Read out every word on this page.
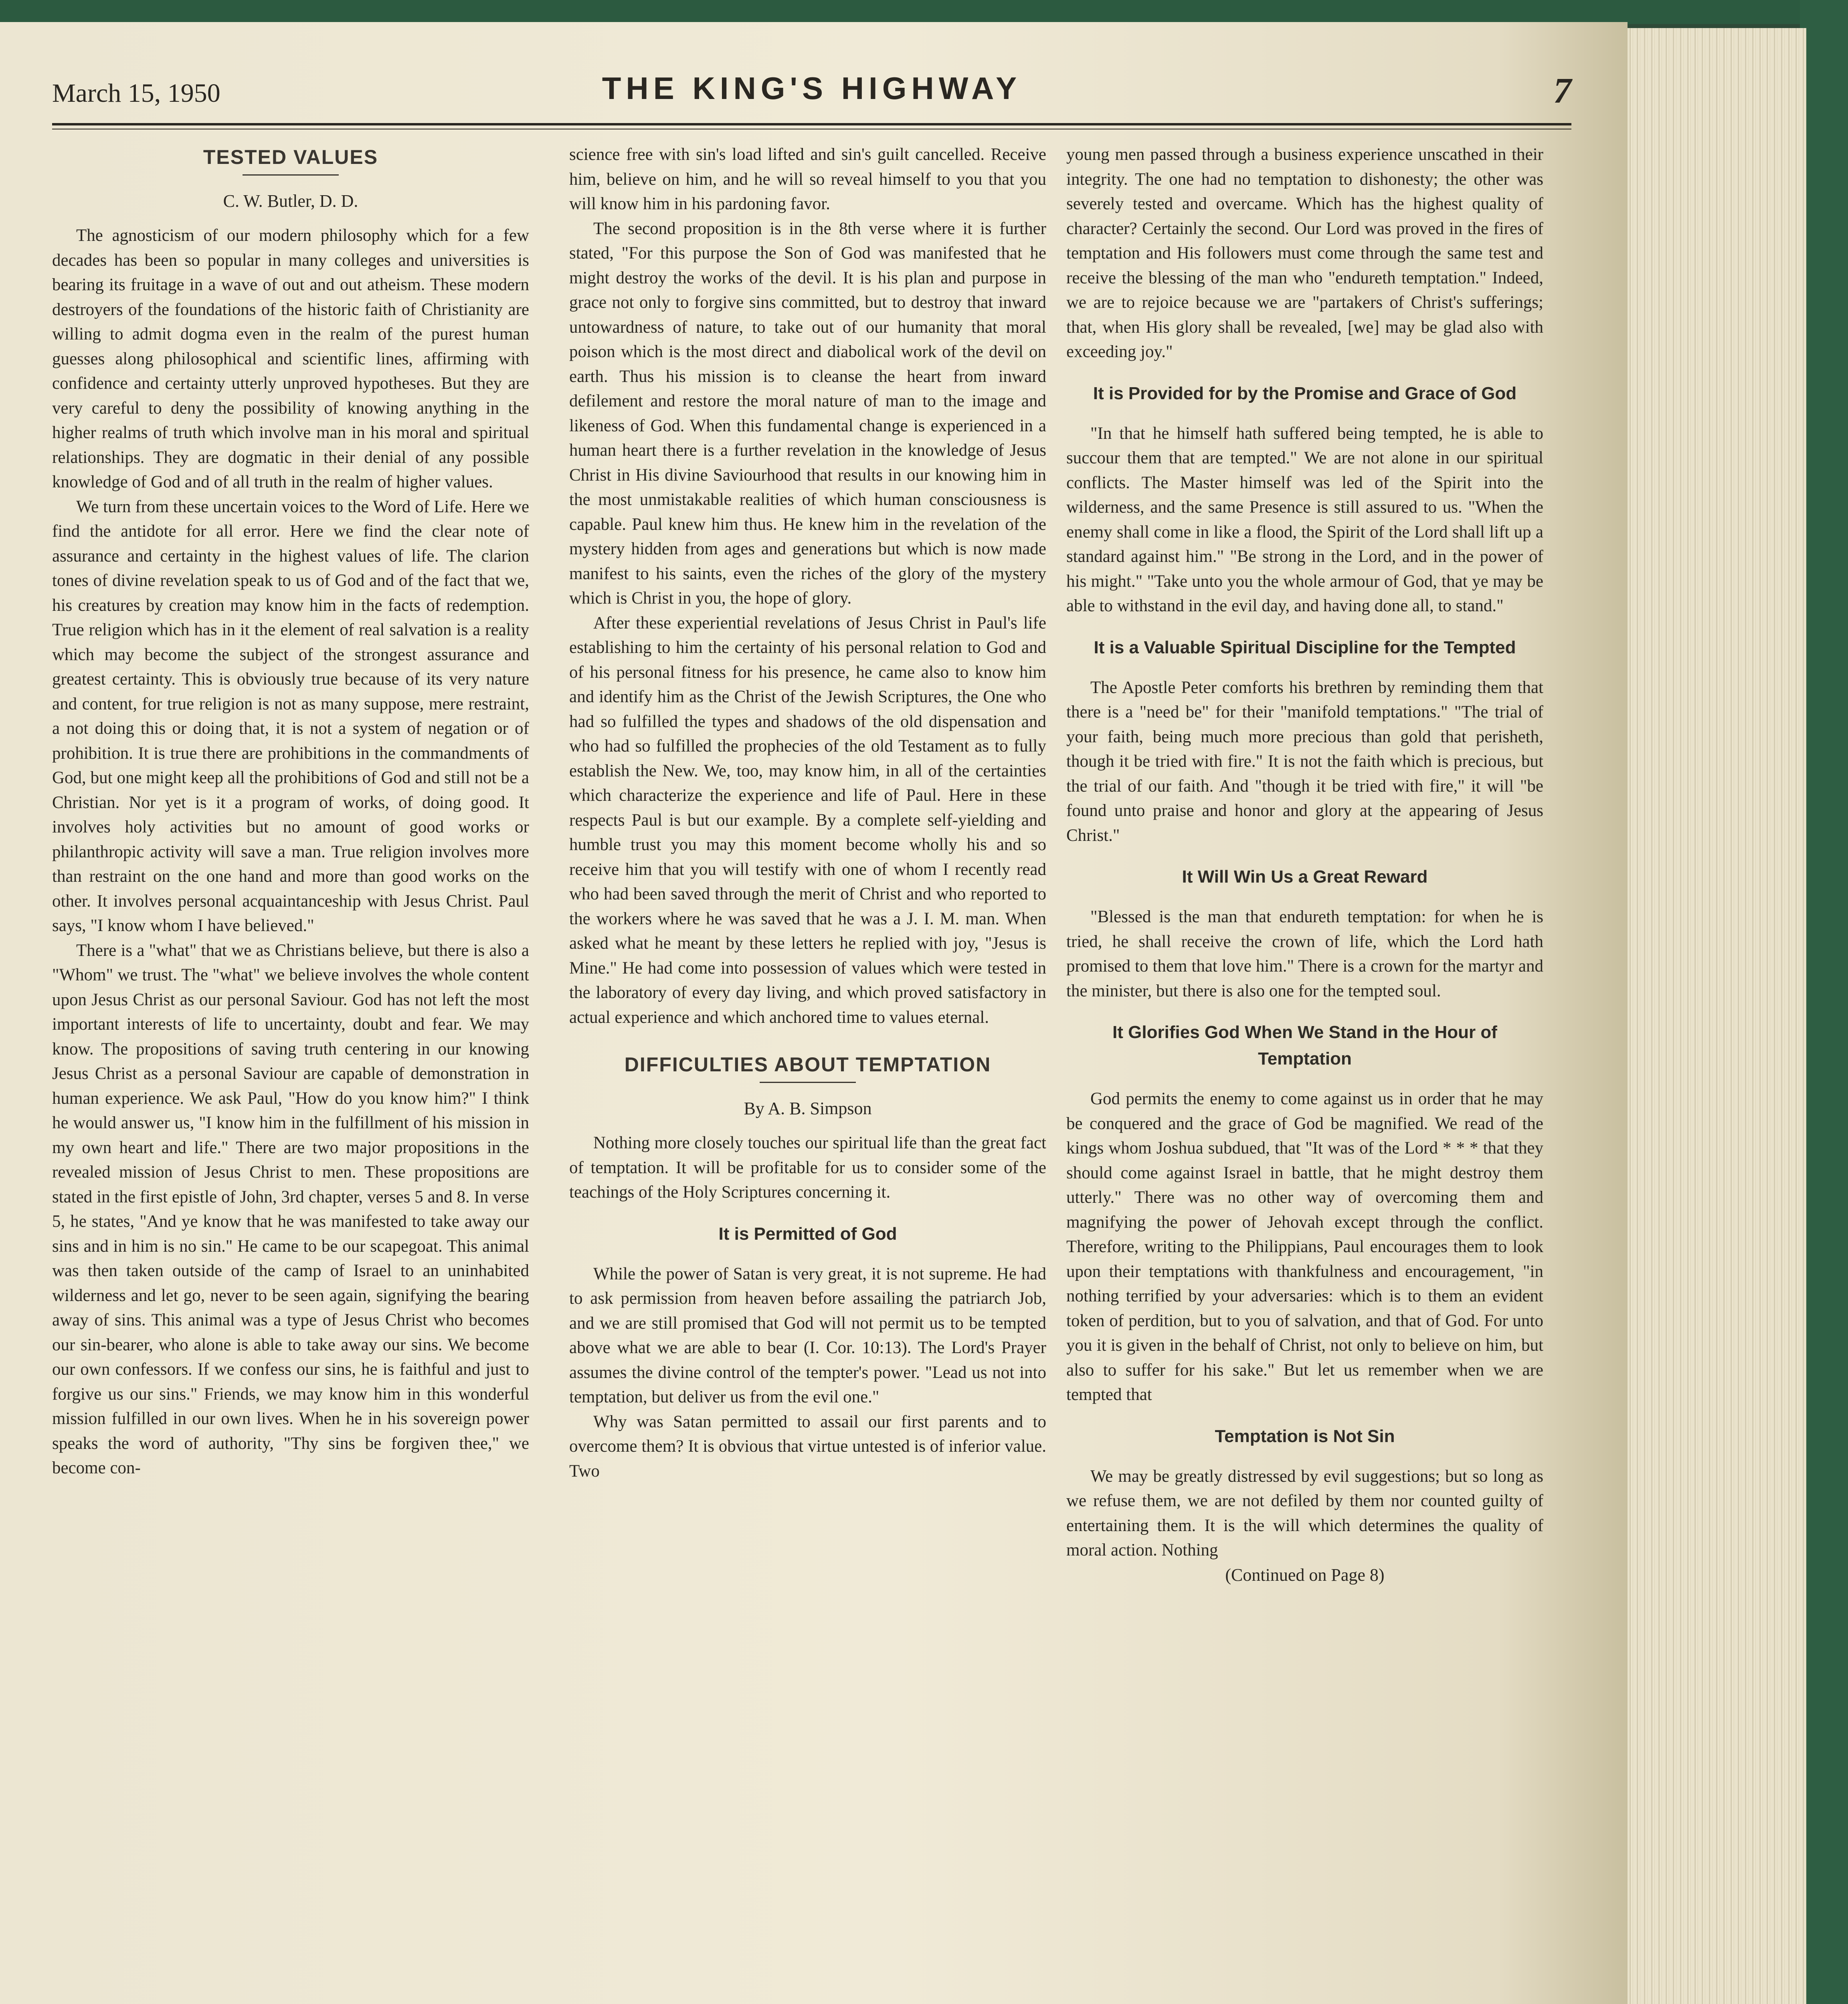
March 15, 1950	THE KING'S HIGHWAY	7
TESTED VALUES
C. W. Butler, D. D.

The agnosticism of our modern philosophy which for a few decades has been so popular in many colleges and universities is bearing its fruitage in a wave of out and out atheism. These modern destroyers of the foundations of the historic faith of Christianity are willing to admit dogma even in the realm of the purest human guesses along philosophical and scientific lines, affirming with confidence and certainty utterly unproved hypotheses. But they are very careful to deny the possibility of knowing anything in the higher realms of truth which involve man in his moral and spiritual relationships. They are dogmatic in their denial of any possible knowledge of God and of all truth in the realm of higher values.

We turn from these uncertain voices to the Word of Life. Here we find the antidote for all error. Here we find the clear note of assurance and certainty in the highest values of life. The clarion tones of divine revelation speak to us of God and of the fact that we, his creatures by creation may know him in the facts of redemption. True religion which has in it the element of real salvation is a reality which may become the subject of the strongest assurance and greatest certainty. This is obviously true because of its very nature and content, for true religion is not as many suppose, mere restraint, a not doing this or doing that, it is not a system of negation or of prohibition. It is true there are prohibitions in the commandments of God, but one might keep all the prohibitions of God and still not be a Christian. Nor yet is it a program of works, of doing good. It involves holy activities but no amount of good works or philanthropic activity will save a man. True religion involves more than restraint on the one hand and more than good works on the other. It involves personal acquaintanceship with Jesus Christ. Paul says, "I know whom I have believed."

There is a "what" that we as Christians believe, but there is also a "Whom" we trust. The "what" we believe involves the whole content upon Jesus Christ as our personal Saviour. God has not left the most important interests of life to uncertainty, doubt and fear. We may know. The propositions of saving truth centering in our knowing Jesus Christ as a personal Saviour are capable of demonstration in human experience. We ask Paul, "How do you know him?" I think he would answer us, "I know him in the fulfillment of his mission in my own heart and life." There are two major propositions in the revealed mission of Jesus Christ to men. These propositions are stated in the first epistle of John, 3rd chapter, verses 5 and 8. In verse 5, he states, "And ye know that he was manifested to take away our sins and in him is no sin." He came to be our scapegoat. This animal was then taken outside of the camp of Israel to an uninhabited wilderness and let go, never to be seen again, signifying the bearing away of sins. This animal was a type of Jesus Christ who becomes our sin-bearer, who alone is able to take away our sins. We become our own confessors. If we confess our sins, he is faithful and just to forgive us our sins." Friends, we may know him in this wonderful mission fulfilled in our own lives. When he in his sovereign power speaks the word of authority, "Thy sins be forgiven thee," we become con-

science free with sin's load lifted and sin's guilt cancelled. Receive him, believe on him, and he will so reveal himself to you that you will know him in his pardoning favor.

The second proposition is in the 8th verse where it is further stated, "For this purpose the Son of God was manifested that he might destroy the works of the devil. It is his plan and purpose in grace not only to forgive sins committed, but to destroy that inward untowardness of nature, to take out of our humanity that moral poison which is the most direct and diabolical work of the devil on earth. Thus his mission is to cleanse the heart from inward defilement and restore the moral nature of man to the image and likeness of God. When this fundamental change is experienced in a human heart there is a further revelation in the knowledge of Jesus Christ in His divine Saviourhood that results in our knowing him in the most unmistakable realities of which human consciousness is capable. Paul knew him thus. He knew him in the revelation of the mystery hidden from ages and generations but which is now made manifest to his saints, even the riches of the glory of the mystery which is Christ in you, the hope of glory.

After these experiential revelations of Jesus Christ in Paul's life establishing to him the certainty of his personal relation to God and of his personal fitness for his presence, he came also to know him and identify him as the Christ of the Jewish Scriptures, the One who had so fulfilled the types and shadows of the old dispensation and who had so fulfilled the prophecies of the old Testament as to fully establish the New. We, too, may know him, in all of the certainties which characterize the experience and life of Paul. Here in these respects Paul is but our example. By a complete self-yielding and humble trust you may this moment become wholly his and so receive him that you will testify with one of whom I recently read who had been saved through the merit of Christ and who reported to the workers where he was saved that he was a J. I. M. man. When asked what he meant by these letters he replied with joy, "Jesus is Mine." He had come into possession of values which were tested in the laboratory of every day living, and which proved satisfactory in actual experience and which anchored time to values eternal.

DIFFICULTIES ABOUT TEMPTATION
By A. B. Simpson

Nothing more closely touches our spiritual life than the great fact of temptation. It will be profitable for us to consider some of the teachings of the Holy Scriptures concerning it.

It is Permitted of God

While the power of Satan is very great, it is not supreme. He had to ask permission from heaven before assailing the patriarch Job, and we are still promised that God will not permit us to be tempted above what we are able to bear (I. Cor. 10:13). The Lord's Prayer assumes the divine control of the tempter's power. "Lead us not into temptation, but deliver us from the evil one."

Why was Satan permitted to assail our first parents and to overcome them? It is obvious that virtue untested is of inferior value. Two

young men passed through a business experience unscathed in their integrity. The one had no temptation to dishonesty; the other was severely tested and overcame. Which has the highest quality of character? Certainly the second. Our Lord was proved in the fires of temptation and His followers must come through the same test and receive the blessing of the man who "endureth temptation." Indeed, we are to rejoice because we are "partakers of Christ's sufferings; that, when His glory shall be revealed, [we] may be glad also with exceeding joy."

It is Provided for by the Promise and Grace of God

"In that he himself hath suffered being tempted, he is able to succour them that are tempted." We are not alone in our spiritual conflicts. The Master himself was led of the Spirit into the wilderness, and the same Presence is still assured to us. "When the enemy shall come in like a flood, the Spirit of the Lord shall lift up a standard against him." "Be strong in the Lord, and in the power of his might." "Take unto you the whole armour of God, that ye may be able to withstand in the evil day, and having done all, to stand."

It is a Valuable Spiritual Discipline for the Tempted

The Apostle Peter comforts his brethren by reminding them that there is a "need be" for their "manifold temptations." "The trial of your faith, being much more precious than gold that perisheth, though it be tried with fire." It is not the faith which is precious, but the trial of our faith. And "though it be tried with fire," it will "be found unto praise and honor and glory at the appearing of Jesus Christ."

It Will Win Us a Great Reward

"Blessed is the man that endureth temptation: for when he is tried, he shall receive the crown of life, which the Lord hath promised to them that love him." There is a crown for the martyr and the minister, but there is also one for the tempted soul.

It Glorifies God When We Stand in the Hour of Temptation

God permits the enemy to come against us in order that he may be conquered and the grace of God be magnified. We read of the kings whom Joshua subdued, that "It was of the Lord * * * that they should come against Israel in battle, that he might destroy them utterly." There was no other way of overcoming them and magnifying the power of Jehovah except through the conflict. Therefore, writing to the Philippians, Paul encourages them to look upon their temptations with thankfulness and encouragement, "in nothing terrified by your adversaries: which is to them an evident token of perdition, but to you of salvation, and that of God. For unto you it is given in the behalf of Christ, not only to believe on him, but also to suffer for his sake." But let us remember when we are tempted that

Temptation is Not Sin

We may be greatly distressed by evil suggestions; but so long as we refuse them, we are not defiled by them nor counted guilty of entertaining them. It is the will which determines the quality of moral action. Nothing

(Continued on Page 8)
